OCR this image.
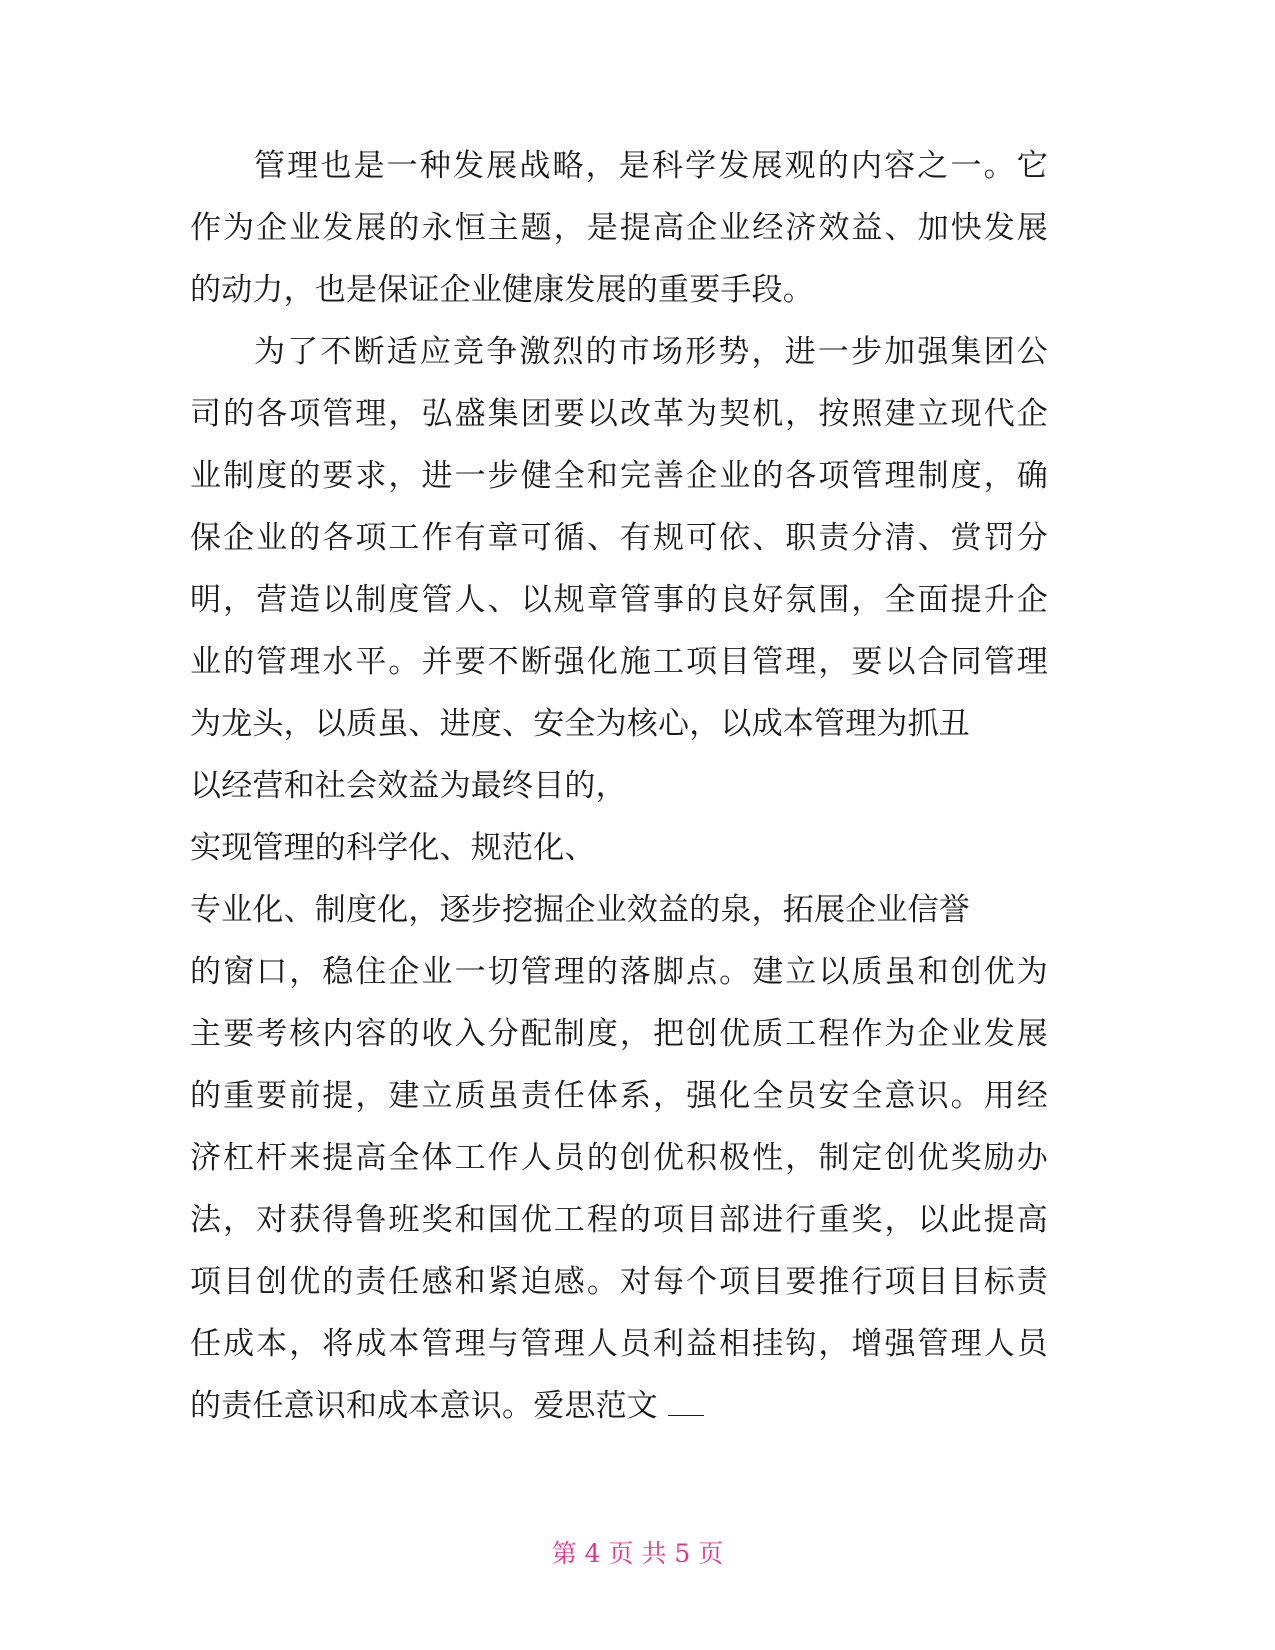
管理也是一种发展战略，是科学发展观的内容之一。它
作为企业发展的永恒主题，是提高企业经济效益、加快发展
的动力，也是保证企业健康发展的重要手段。
为了不断适应竞争激烈的市场形势，进一步加强集团公
司的各项管理，弘盛集团要以改革为契机，按照建立现代企
业制度的要求，进一步健全和完善企业的各项管理制度，确
保企业的各项工作有章可循、有规可依、职责分清、赏罚分
明，营造以制度管人、以规章管事的良好氛围，全面提升企
业的管理水平。并要不断强化施工项目管理，要以合同管理
为龙头，以质虽、进度、安全为核心，以成本管理为抓丑
以经营和社会效益为最终目的，
实现管理的科学化、规范化、
专业化、制度化，逐步挖掘企业效益的泉，拓展企业信誉
的窗口，稳住企业一切管理的落脚点。建立以质虽和创优为
主要考核内容的收入分配制度，把创优质工程作为企业发展
的重要前提，建立质虽责任体系，强化全员安全意识。用经
济杠杆来提高全体工作人员的创优积极性，制定创优奖励办
法，对获得鲁班奖和国优工程的项目部进行重奖，以此提高
项目创优的责任感和紧迫感。对每个项目要推行项目目标责
任成本，将成本管理与管理人员利益相挂钩，增强管理人员
的责任意识和成本意识。爱思范文
第 4 页 共 5 页
